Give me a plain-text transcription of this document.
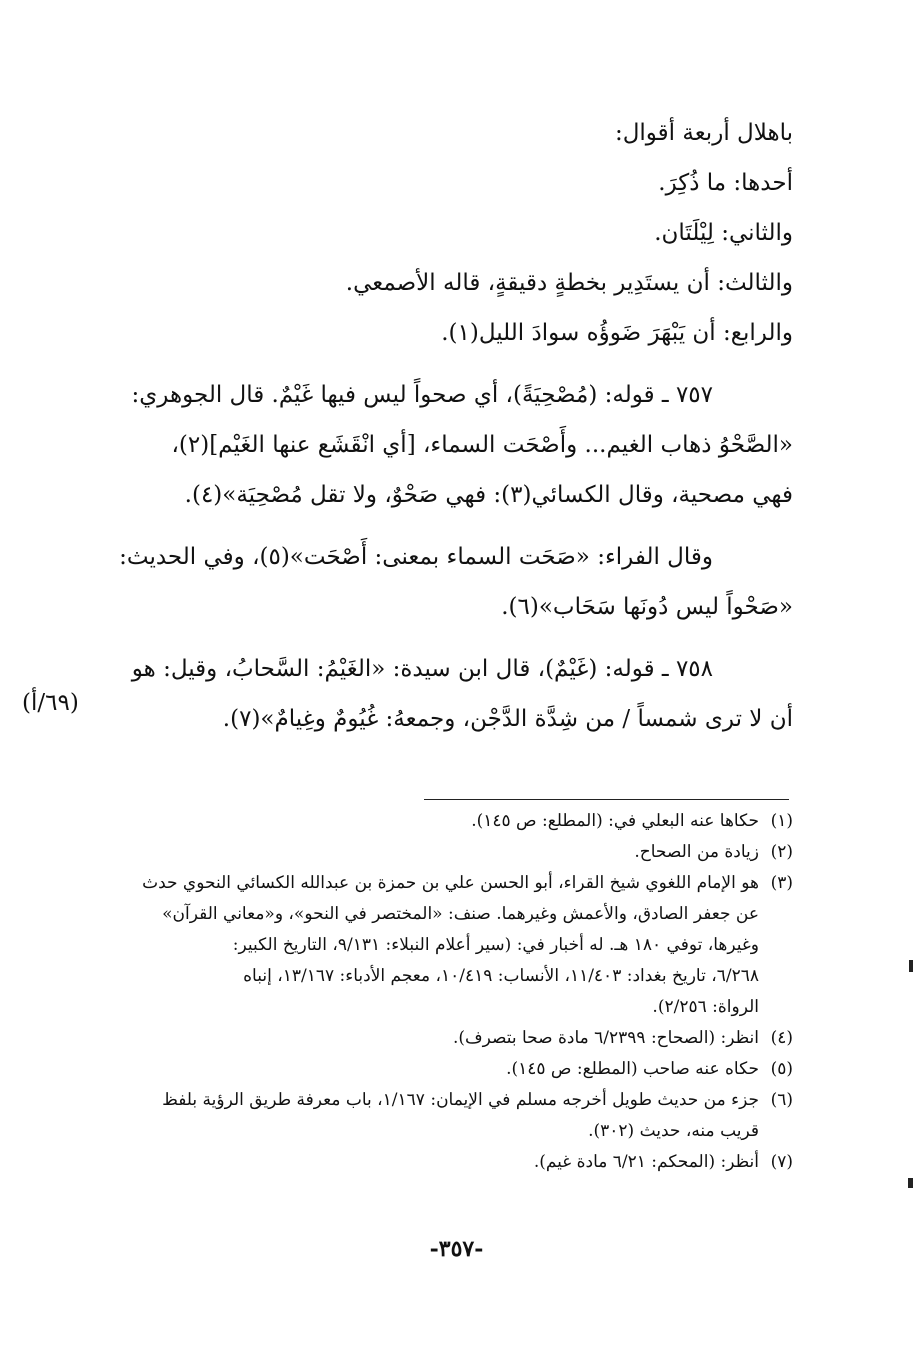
باهلال أربعة أقوال:
أحدها: ما ذُكِرَ.
والثاني: لِيْلَتَان.
والثالث: أن يستَدِير بخطةٍ دقيقةٍ، قاله الأصمعي.
والرابع: أن يَبْهَرَ ضَوؤُه سوادَ الليل(١).
٧٥٧ ـ قوله: (مُصْحِيَةً)، أي صحواً ليس فيها غَيْمٌ. قال الجوهري:
«الصَّحْوُ ذهاب الغيم... وأَصْحَت السماء، [أي انْقَشَع عنها الغَيْم](٢)،
فهي مصحية، وقال الكسائي(٣): فهي صَحْوٌ، ولا تقل مُصْحِيَة»(٤).
وقال الفراء: «صَحَت السماء بمعنى: أَصْحَت»(٥)، وفي الحديث:
«صَحْواً ليس دُونَها سَحَاب»(٦).
٧٥٨ ـ قوله: (غَيْمٌ)، قال ابن سيدة: «الغَيْمُ: السَّحابُ، وقيل: هو
أن لا ترى شمساً / من شِدَّة الدَّجْن، وجمعهُ: غُيُومٌ وغِيامٌ»(٧).
(٦٩/أ)
(١)
حكاها عنه البعلي في: (المطلع: ص ١٤٥).
(٢)
زيادة من الصحاح.
(٣)
هو الإمام اللغوي شيخ القراء، أبو الحسن علي بن حمزة بن عبدالله الكسائي النحوي حدث
عن جعفر الصادق، والأعمش وغيرهما. صنف: «المختصر في النحو»، و«معاني القرآن»
وغيرها، توفي ١٨٠ هـ. له أخبار في: (سير أعلام النبلاء: ٩/١٣١، التاريخ الكبير:
٦/٢٦٨، تاريخ بغداد: ١١/٤٠٣، الأنساب: ١٠/٤١٩، معجم الأدباء: ١٣/١٦٧، إنباه
الرواة: ٢/٢٥٦).
(٤)
انظر: (الصحاح: ٦/٢٣٩٩ مادة صحا بتصرف).
(٥)
حكاه عنه صاحب (المطلع: ص ١٤٥).
(٦)
جزء من حديث طويل أخرجه مسلم في الإيمان: ١/١٦٧، باب معرفة طريق الرؤية بلفظ
قريب منه، حديث (٣٠٢).
(٧)
أنظر: (المحكم: ٦/٢١ مادة غيم).
-٣٥٧-
